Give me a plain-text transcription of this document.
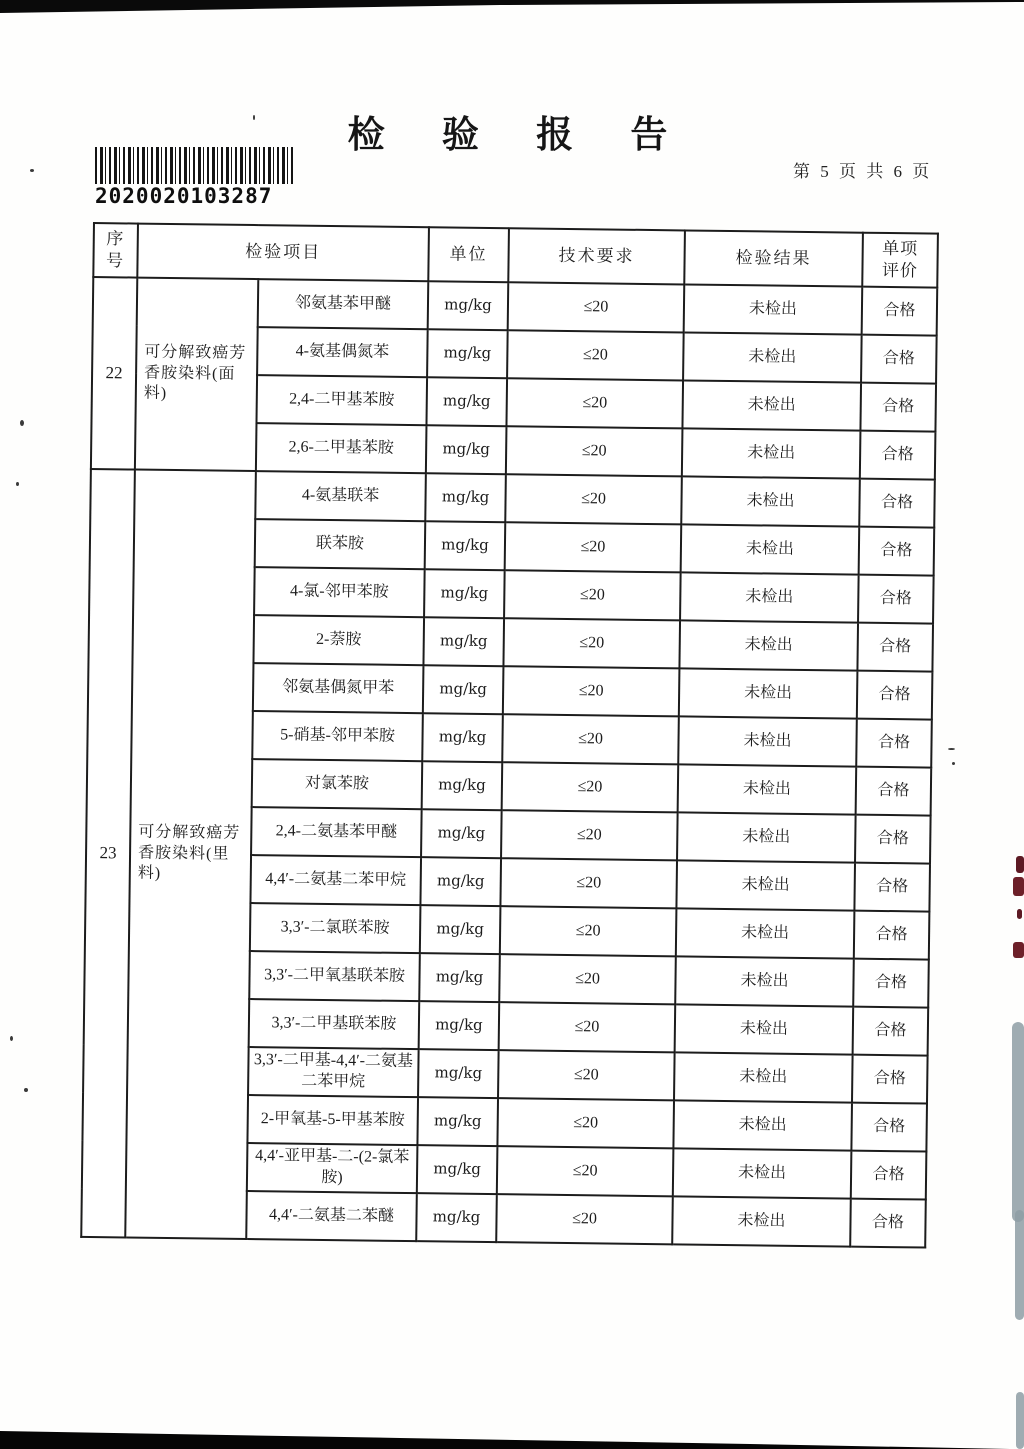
检 验 报 告
第 5 页 共 6 页
2020020103287
序号	检验项目		单位	技术要求	检验结果	单项评价
22	可分解致癌芳香胺染料(面料)	邻氨基苯甲醚	mg/kg	≤20	未检出	合格
		4-氨基偶氮苯	mg/kg	≤20	未检出	合格
		2,4-二甲基苯胺	mg/kg	≤20	未检出	合格
		2,6-二甲基苯胺	mg/kg	≤20	未检出	合格
23	可分解致癌芳香胺染料(里料)	4-氨基联苯	mg/kg	≤20	未检出	合格
		联苯胺	mg/kg	≤20	未检出	合格
		4-氯-邻甲苯胺	mg/kg	≤20	未检出	合格
		2-萘胺	mg/kg	≤20	未检出	合格
		邻氨基偶氮甲苯	mg/kg	≤20	未检出	合格
		5-硝基-邻甲苯胺	mg/kg	≤20	未检出	合格
		对氯苯胺	mg/kg	≤20	未检出	合格
		2,4-二氨基苯甲醚	mg/kg	≤20	未检出	合格
		4,4′-二氨基二苯甲烷	mg/kg	≤20	未检出	合格
		3,3′-二氯联苯胺	mg/kg	≤20	未检出	合格
		3,3′-二甲氧基联苯胺	mg/kg	≤20	未检出	合格
		3,3′-二甲基联苯胺	mg/kg	≤20	未检出	合格
		3,3′-二甲基-4,4′-二氨基二苯甲烷	mg/kg	≤20	未检出	合格
		2-甲氧基-5-甲基苯胺	mg/kg	≤20	未检出	合格
		4,4′-亚甲基-二-(2-氯苯胺)	mg/kg	≤20	未检出	合格
		4,4′-二氨基二苯醚	mg/kg	≤20	未检出	合格
